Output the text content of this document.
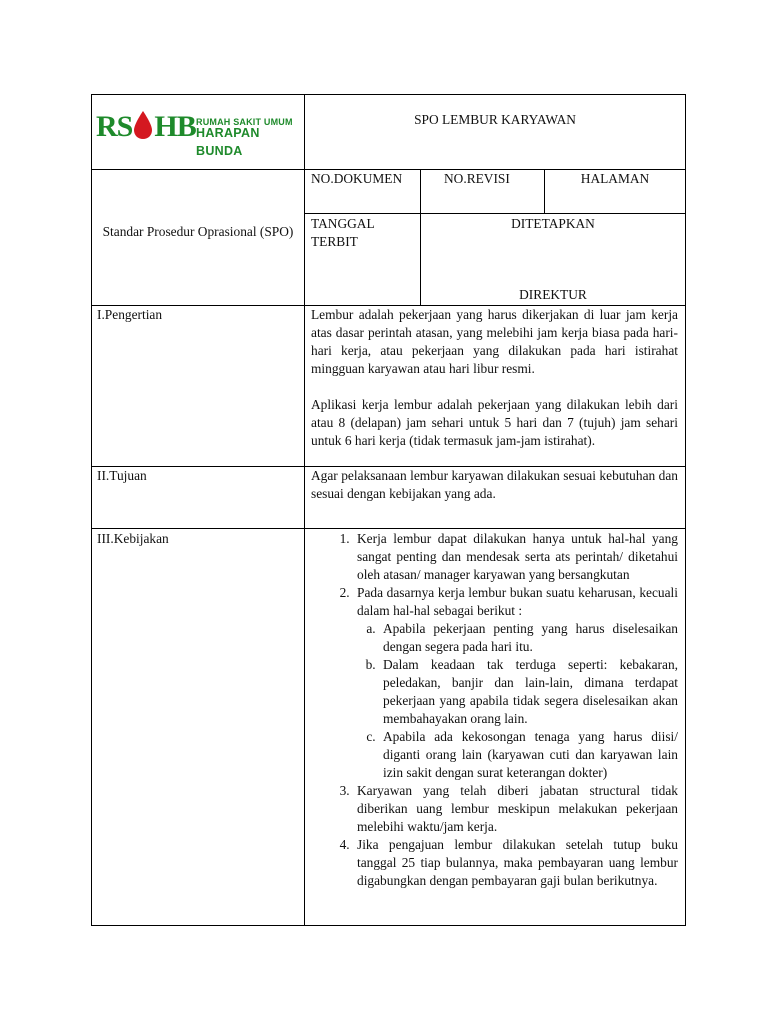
RS HB RUMAH SAKIT UMUM
HARAPAN BUNDA
SPO LEMBUR KARYAWAN
Standar Prosedur Oprasional (SPO)
NO.DOKUMEN	NO.REVISI	HALAMAN
TANGGAL TERBIT
DITETAPKAN
DIREKTUR
I.Pengertian	Lembur adalah pekerjaan yang harus dikerjakan di luar jam kerja atas dasar perintah atasan, yang melebihi jam kerja biasa pada hari-hari kerja, atau pekerjaan yang dilakukan pada hari istirahat mingguan karyawan atau hari libur resmi.

Aplikasi kerja lembur adalah pekerjaan yang dilakukan lebih dari atau 8 (delapan) jam sehari untuk 5 hari dan 7 (tujuh) jam sehari untuk 6 hari kerja (tidak termasuk jam-jam istirahat).

II.Tujuan	Agar pelaksanaan lembur karyawan dilakukan sesuai kebutuhan dan sesuai dengan kebijakan yang ada.
III.Kebijakan
1.	Kerja lembur dapat dilakukan hanya untuk hal-hal yang sangat penting dan mendesak serta ats perintah/ diketahui oleh atasan/ manager karyawan yang bersangkutan
2. Pada dasarnya kerja lembur bukan suatu keharusan, kecuali dalam hal-hal sebagai berikut :
a. Apabila pekerjaan penting yang harus diselesaikan dengan segera pada hari itu.
b. Dalam keadaan tak terduga seperti: kebakaran, peledakan, banjir dan lain-lain, dimana terdapat pekerjaan yang apabila tidak segera diselesaikan akan membahayakan orang lain.
c. Apabila ada kekosongan tenaga yang harus diisi/ diganti orang lain (karyawan cuti dan karyawan lain izin sakit dengan surat keterangan dokter)
3. Karyawan yang telah diberi jabatan structural tidak diberikan uang lembur meskipun melakukan pekerjaan melebihi waktu/jam kerja.
4. Jika pengajuan lembur dilakukan setelah tutup buku tanggal 25 tiap bulannya, maka pembayaran uang lembur digabungkan dengan pembayaran gaji bulan berikutnya.
